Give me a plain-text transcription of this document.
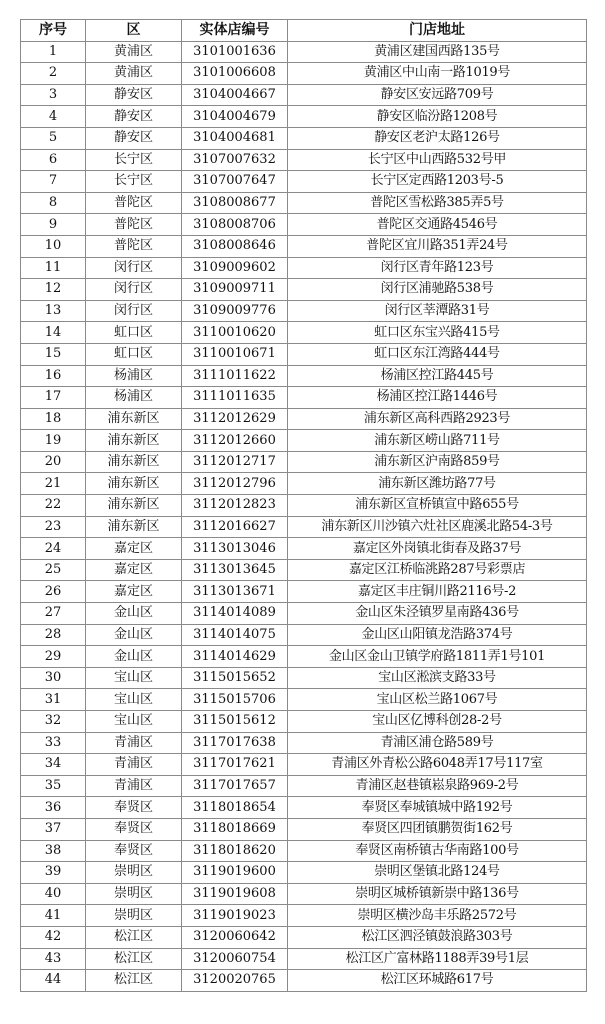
序号	区	实体店编号	门店地址
1	黄浦区	3101001636	黄浦区建国西路135号
2	黄浦区	3101006608	黄浦区中山南一路1019号
3	静安区	3104004667	静安区安远路709号
4	静安区	3104004679	静安区临汾路1208号
5	静安区	3104004681	静安区老沪太路126号
6	长宁区	3107007632	长宁区中山西路532号甲
7	长宁区	3107007647	长宁区定西路1203号-5
8	普陀区	3108008677	普陀区雪松路385弄5号
9	普陀区	3108008706	普陀区交通路4546号
10	普陀区	3108008646	普陀区宜川路351弄24号
11	闵行区	3109009602	闵行区青年路123号
12	闵行区	3109009711	闵行区浦驰路538号
13	闵行区	3109009776	闵行区莘潭路31号
14	虹口区	3110010620	虹口区东宝兴路415号
15	虹口区	3110010671	虹口区东江湾路444号
16	杨浦区	3111011622	杨浦区控江路445号
17	杨浦区	3111011635	杨浦区控江路1446号
18	浦东新区	3112012629	浦东新区高科西路2923号
19	浦东新区	3112012660	浦东新区崂山路711号
20	浦东新区	3112012717	浦东新区沪南路859号
21	浦东新区	3112012796	浦东新区潍坊路77号
22	浦东新区	3112012823	浦东新区宣桥镇宣中路655号
23	浦东新区	3112016627	浦东新区川沙镇六灶社区鹿溪北路54-3号
24	嘉定区	3113013046	嘉定区外岗镇北街春及路37号
25	嘉定区	3113013645	嘉定区江桥临洮路287号彩票店
26	嘉定区	3113013671	嘉定区丰庄铜川路2116号-2
27	金山区	3114014089	金山区朱泾镇罗星南路436号
28	金山区	3114014075	金山区山阳镇龙浩路374号
29	金山区	3114014629	金山区金山卫镇学府路1811弄1号101
30	宝山区	3115015652	宝山区淞滨支路33号
31	宝山区	3115015706	宝山区松兰路1067号
32	宝山区	3115015612	宝山区亿博科创28-2号
33	青浦区	3117017638	青浦区浦仓路589号
34	青浦区	3117017621	青浦区外青松公路6048弄17号117室
35	青浦区	3117017657	青浦区赵巷镇崧泉路969-2号
36	奉贤区	3118018654	奉贤区奉城镇城中路192号
37	奉贤区	3118018669	奉贤区四团镇鹏贺街162号
38	奉贤区	3118018620	奉贤区南桥镇古华南路100号
39	崇明区	3119019600	崇明区堡镇北路124号
40	崇明区	3119019608	崇明区城桥镇新崇中路136号
41	崇明区	3119019023	崇明区横沙岛丰乐路2572号
42	松江区	3120060642	松江区泗泾镇鼓浪路303号
43	松江区	3120060754	松江区广富林路1188弄39号1层
44	松江区	3120020765	松江区环城路617号
